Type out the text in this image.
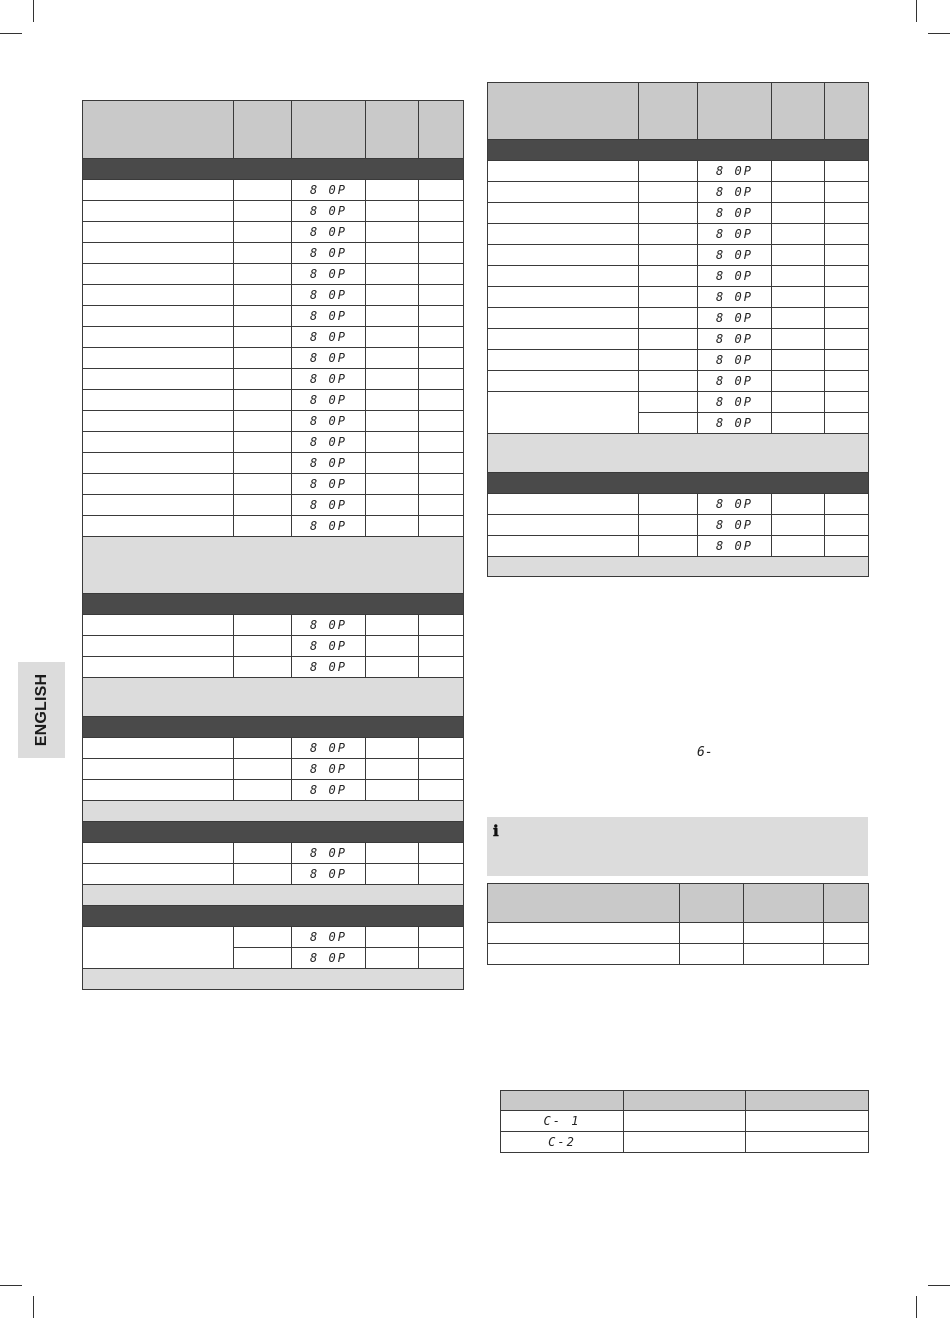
ENGLISH

		8 0P		
		8 0P		
		8 0P		
		8 0P		
		8 0P		
		8 0P		
		8 0P		
		8 0P		
		8 0P		
		8 0P		
		8 0P		
		8 0P		
		8 0P		
		8 0P		
		8 0P		
		8 0P		
		8 0P		

		8 0P		
		8 0P		
		8 0P		

		8 0P		
		8 0P		
		8 0P		

		8 0P		
		8 0P		

		8 0P		
		8 0P		

		8 0P		
		8 0P		
		8 0P		
		8 0P		
		8 0P		
		8 0P		
		8 0P		
		8 0P		
		8 0P		
		8 0P		
		8 0P		
		8 0P		
		8 0P		

		8 0P		
		8 0P		
		8 0P		

6-
ℹ

C- 1		
C-2		
